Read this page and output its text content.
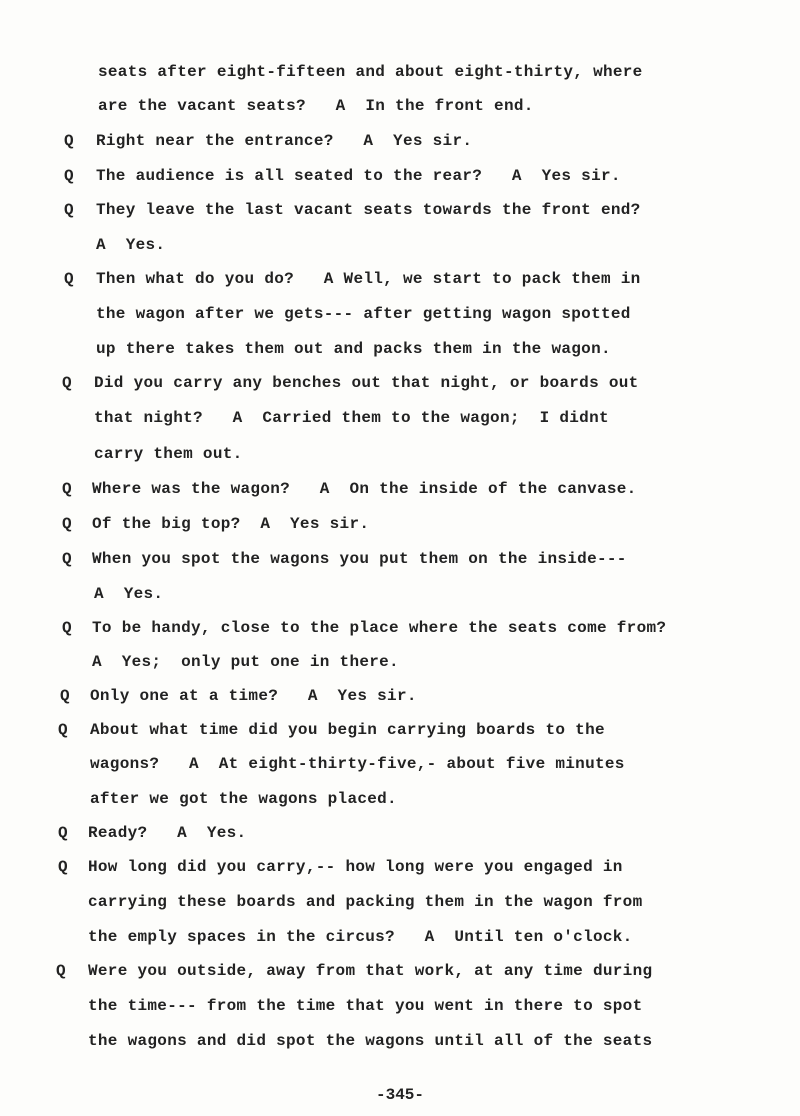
seats after eight-fifteen and about eight-thirty, where
are the vacant seats?   A  In the front end.
Q Right near the entrance?   A  Yes sir.
Q The audience is all seated to the rear?   A  Yes sir.
Q They leave the last vacant seats towards the front end?
A  Yes.
Q Then what do you do?   A Well, we start to pack them in
the wagon after we gets--- after getting wagon spotted
up there takes them out and packs them in the wagon.
Q Did you carry any benches out that night, or boards out
that night?   A  Carried them to the wagon;  I didnt
carry them out.
Q Where was the wagon?   A  On the inside of the canvase.
Q Of the big top?  A  Yes sir.
Q When you spot the wagons you put them on the inside---
A  Yes.
Q To be handy, close to the place where the seats come from?
A  Yes;  only put one in there.
Q Only one at a time?   A  Yes sir.
Q About what time did you begin carrying boards to the
wagons?   A  At eight-thirty-five,- about five minutes
after we got the wagons placed.
Q Ready?   A  Yes.
Q How long did you carry,-- how long were you engaged in
carrying these boards and packing them in the wagon from
the emply spaces in the circus?   A  Until ten o'clock.
Q Were you outside, away from that work, at any time during
the time--- from the time that you went in there to spot
the wagons and did spot the wagons until all of the seats
-345-
